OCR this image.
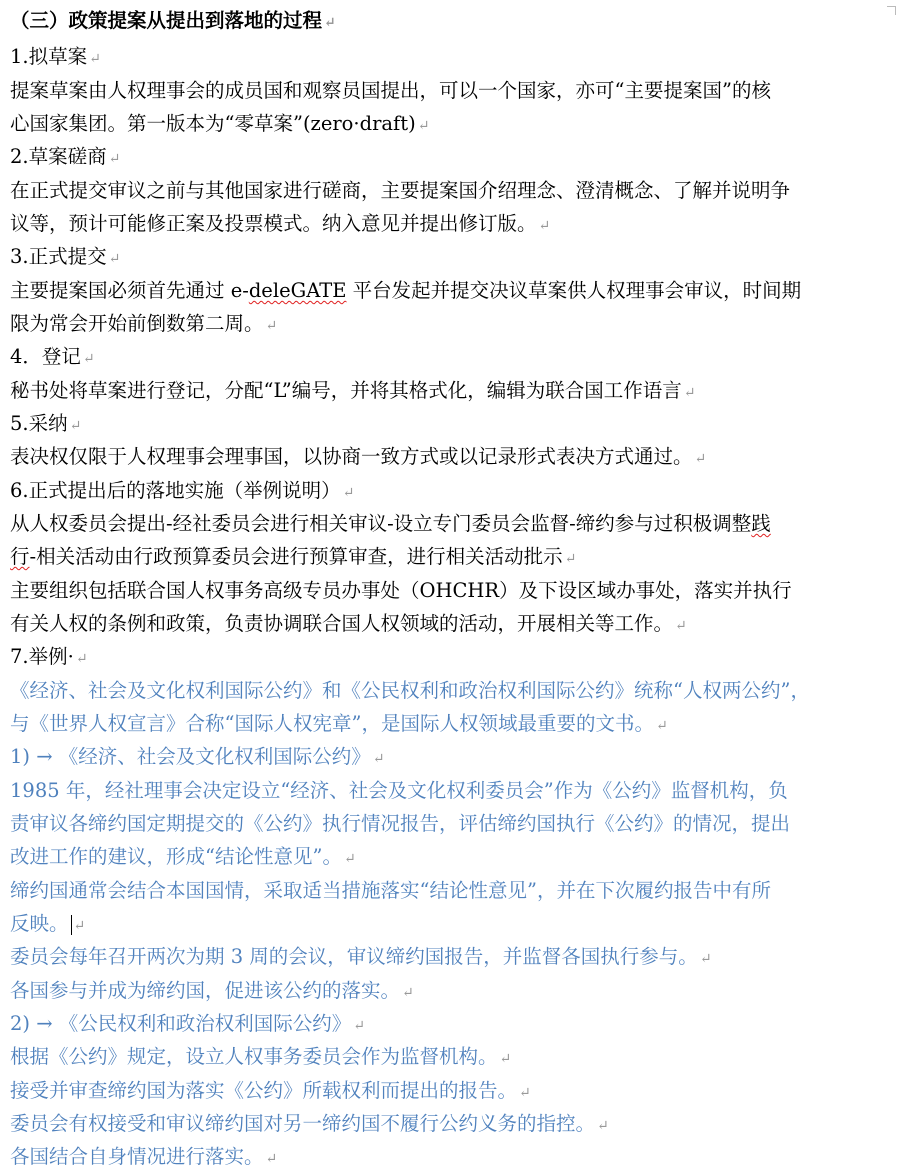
（三）政策提案从提出到落地的过程 ↵
1.拟草案 ↵
提案草案由人权理事会的成员国和观察员国提出，可以一个国家，亦可“主要提案国”的核
心国家集团。第一版本为“零草案”(zero·draft) ↵
2.草案磋商 ↵
在正式提交审议之前与其他国家进行磋商，主要提案国介绍理念、澄清概念、了解并说明争
议等，预计可能修正案及投票模式。纳入意见并提出修订版。 ↵
3.正式提交 ↵
主要提案国必须首先通过 e-deleGATE 平台发起并提交决议草案供人权理事会审议，时间期
限为常会开始前倒数第二周。 ↵
4．登记 ↵
秘书处将草案进行登记，分配“L”编号，并将其格式化，编辑为联合国工作语言 ↵
5.采纳 ↵
表决权仅限于人权理事会理事国，以协商一致方式或以记录形式表决方式通过。 ↵
6.正式提出后的落地实施（举例说明） ↵
从人权委员会提出-经社委员会进行相关审议-设立专门委员会监督-缔约参与过积极调整践
行-相关活动由行政预算委员会进行预算审查，进行相关活动批示 ↵
主要组织包括联合国人权事务高级专员办事处（OHCHR）及下设区域办事处，落实并执行
有关人权的条例和政策，负责协调联合国人权领域的活动，开展相关等工作。 ↵
7.举例· ↵
《经济、社会及文化权利国际公约》和《公民权利和政治权利国际公约》统称“人权两公约”，
与《世界人权宣言》合称“国际人权宪章”，是国际人权领域最重要的文书。 ↵
1) → 《经济、社会及文化权利国际公约》 ↵
1985 年，经社理事会决定设立“经济、社会及文化权利委员会”作为《公约》监督机构，负
责审议各缔约国定期提交的《公约》执行情况报告，评估缔约国执行《公约》的情况，提出
改进工作的建议，形成“结论性意见”。 ↵
缔约国通常会结合本国国情，采取适当措施落实“结论性意见”，并在下次履约报告中有所
反映。 ↵
委员会每年召开两次为期 3 周的会议，审议缔约国报告，并监督各国执行参与。 ↵
各国参与并成为缔约国，促进该公约的落实。 ↵
2) → 《公民权利和政治权利国际公约》 ↵
根据《公约》规定，设立人权事务委员会作为监督机构。 ↵
接受并审查缔约国为落实《公约》所载权利而提出的报告。 ↵
委员会有权接受和审议缔约国对另一缔约国不履行公约义务的指控。 ↵
各国结合自身情况进行落实。 ↵
